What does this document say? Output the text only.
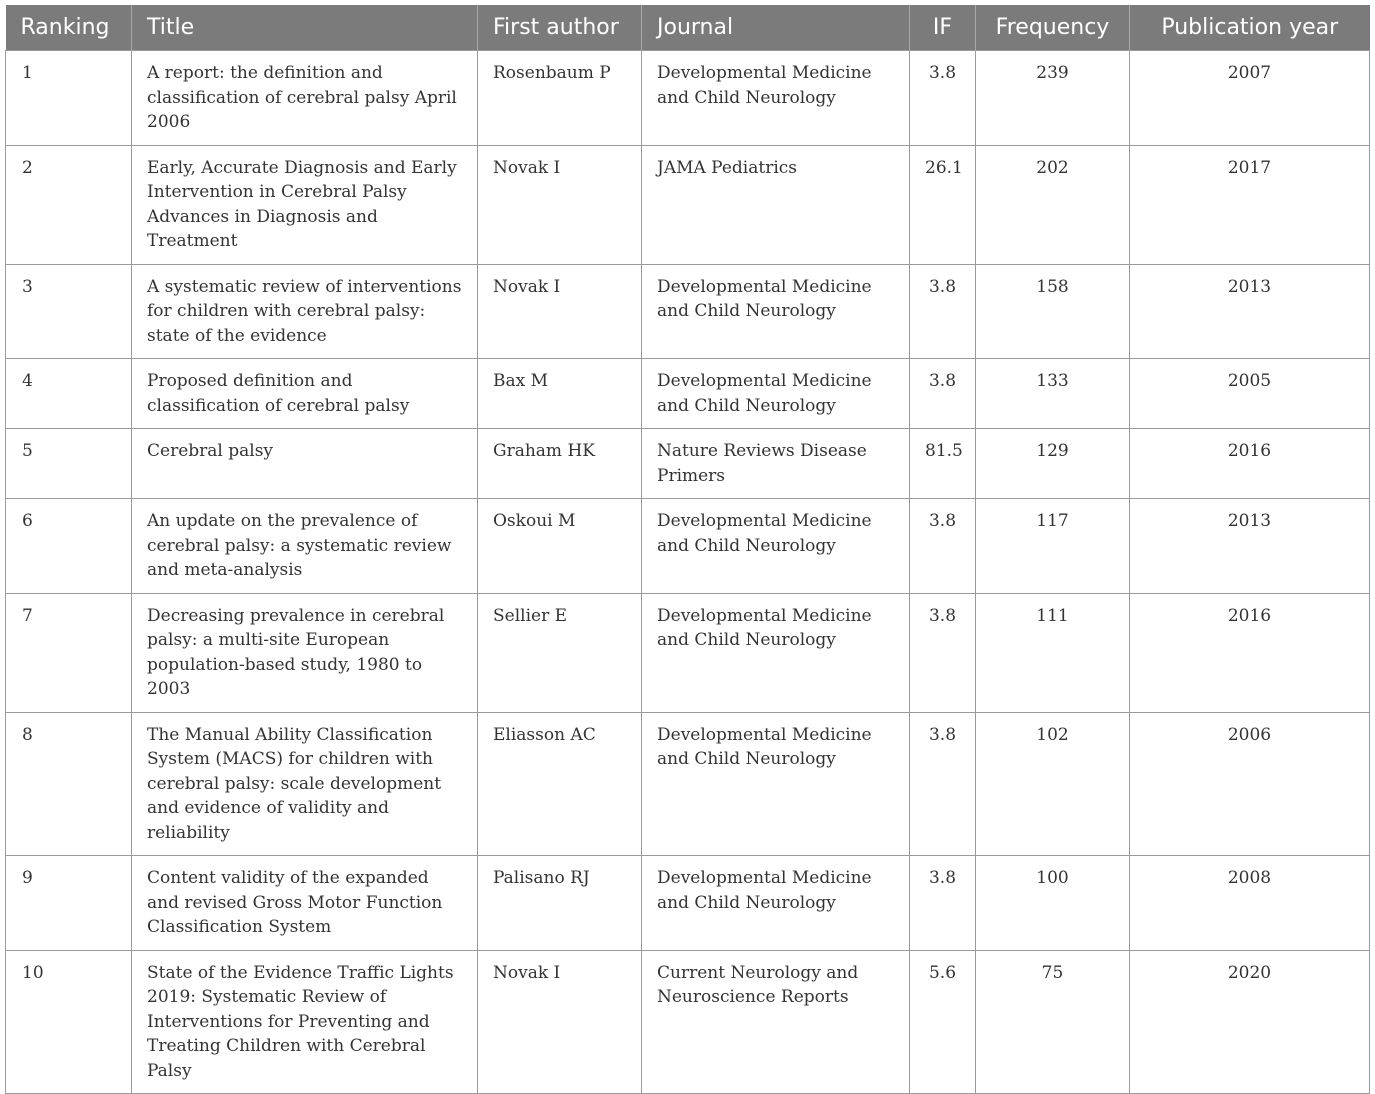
Ranking	Title	First author	Journal	IF	Frequency	Publication year
1	A report: the definition and classification of cerebral palsy April 2006	Rosenbaum P	Developmental Medicine and Child Neurology	3.8	239	2007
2	Early, Accurate Diagnosis and Early Intervention in Cerebral Palsy Advances in Diagnosis and Treatment	Novak I	JAMA Pediatrics	26.1	202	2017
3	A systematic review of interventions for children with cerebral palsy: state of the evidence	Novak I	Developmental Medicine and Child Neurology	3.8	158	2013
4	Proposed definition and classification of cerebral palsy	Bax M	Developmental Medicine and Child Neurology	3.8	133	2005
5	Cerebral palsy	Graham HK	Nature Reviews Disease Primers	81.5	129	2016
6	An update on the prevalence of cerebral palsy: a systematic review and meta-analysis	Oskoui M	Developmental Medicine and Child Neurology	3.8	117	2013
7	Decreasing prevalence in cerebral palsy: a multi-site European population-based study, 1980 to 2003	Sellier E	Developmental Medicine and Child Neurology	3.8	111	2016
8	The Manual Ability Classification System (MACS) for children with cerebral palsy: scale development and evidence of validity and reliability	Eliasson AC	Developmental Medicine and Child Neurology	3.8	102	2006
9	Content validity of the expanded and revised Gross Motor Function Classification System	Palisano RJ	Developmental Medicine and Child Neurology	3.8	100	2008
10	State of the Evidence Traffic Lights 2019: Systematic Review of Interventions for Preventing and Treating Children with Cerebral Palsy	Novak I	Current Neurology and Neuroscience Reports	5.6	75	2020
